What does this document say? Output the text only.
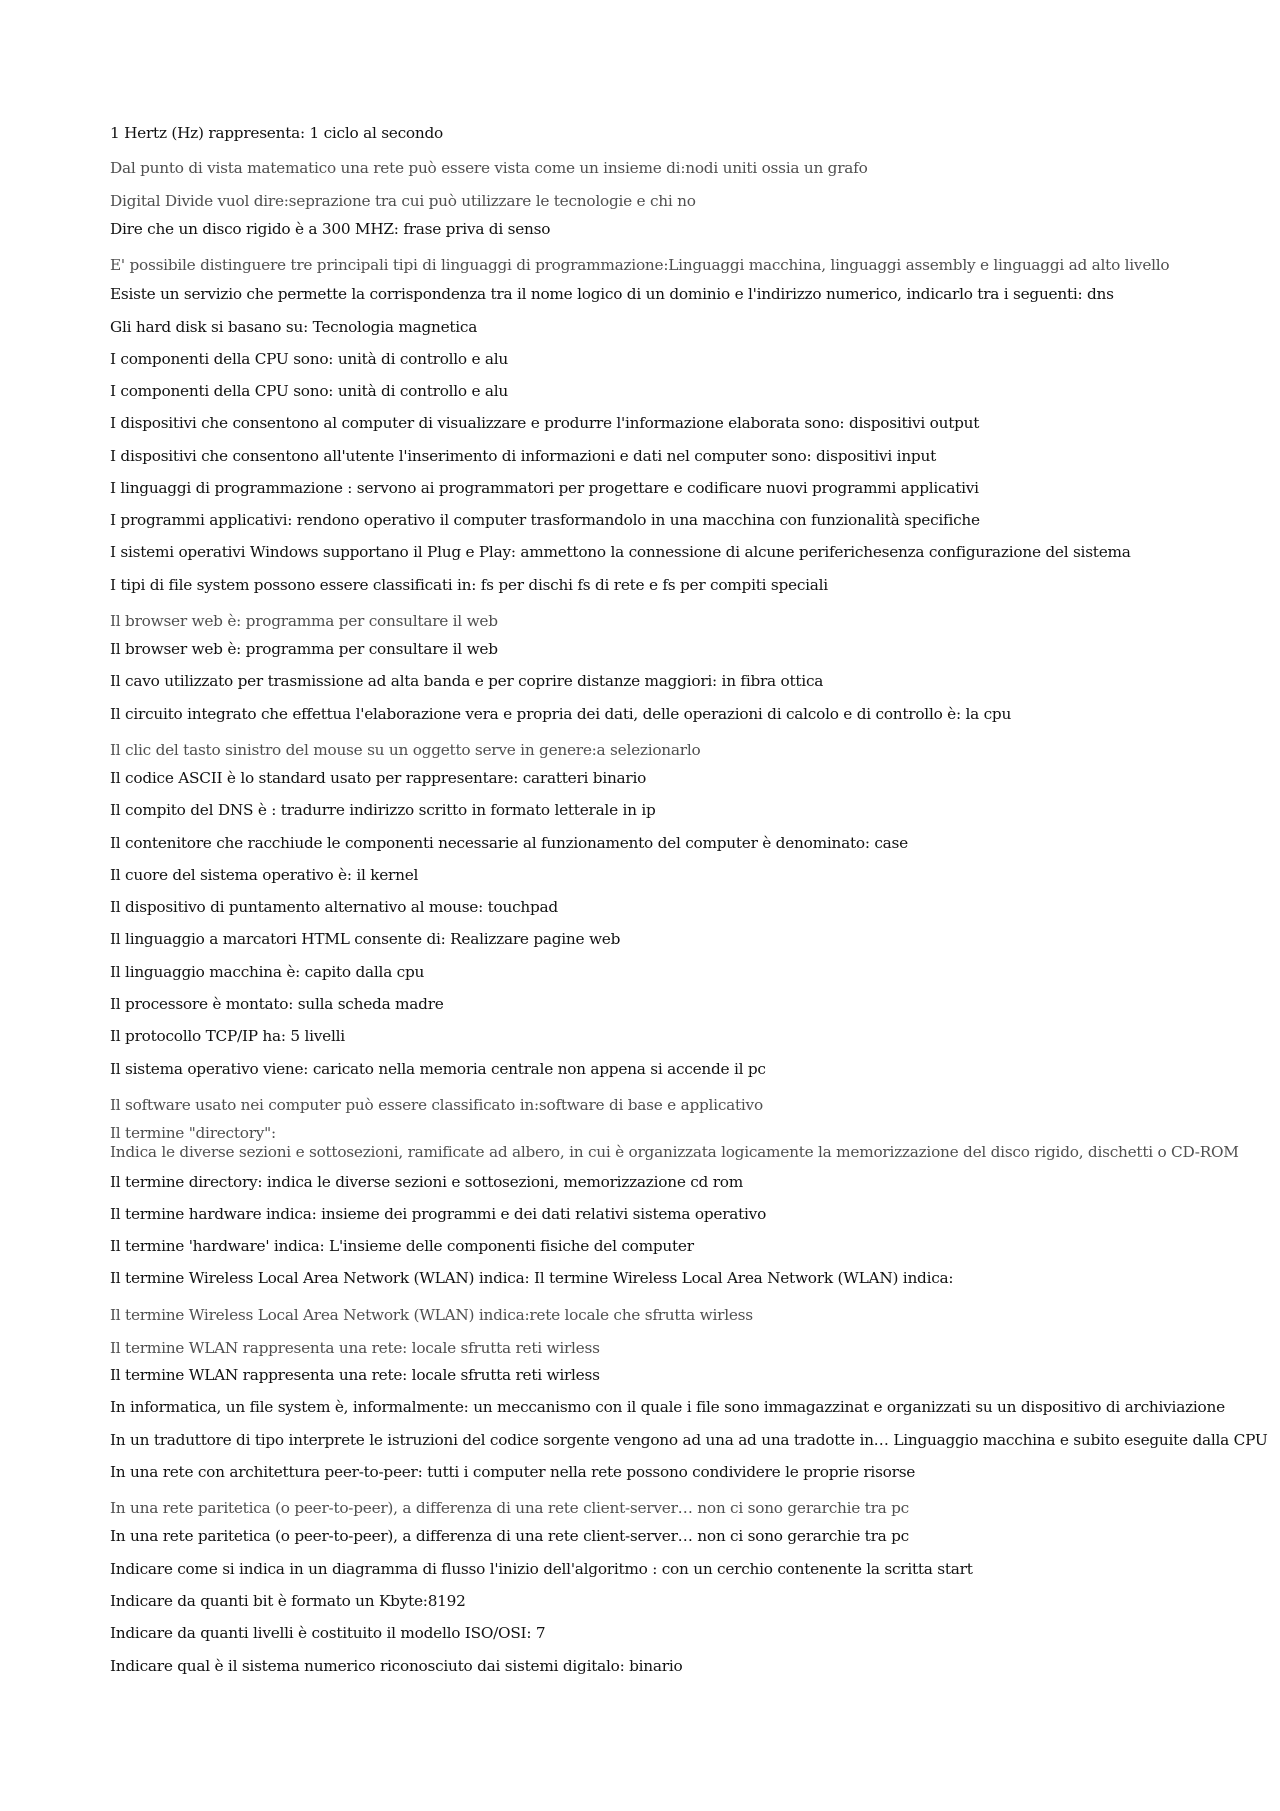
1 Hertz (Hz) rappresenta: 1 ciclo al secondo
Dal punto di vista matematico una rete può essere vista come un insieme di:nodi uniti ossia un grafo
Digital Divide vuol dire:seprazione tra cui può utilizzare le tecnologie e chi no
Dire che un disco rigido è a 300 MHZ: frase priva di senso
E' possibile distinguere tre principali tipi di linguaggi di programmazione:Linguaggi macchina, linguaggi assembly e linguaggi ad alto livello
Esiste un servizio che permette la corrispondenza tra il nome logico di un dominio e l'indirizzo numerico, indicarlo tra i seguenti: dns
Gli hard disk si basano su: Tecnologia magnetica
I componenti della CPU sono: unità di controllo e alu
I componenti della CPU sono: unità di controllo e alu
I dispositivi che consentono al computer di visualizzare e produrre l'informazione elaborata sono: dispositivi output
I dispositivi che consentono all'utente l'inserimento di informazioni e dati nel computer sono: dispositivi input
I linguaggi di programmazione : servono ai programmatori per progettare e codificare nuovi programmi applicativi
I programmi applicativi: rendono operativo il computer trasformandolo in una macchina con funzionalità specifiche
I sistemi operativi Windows supportano il Plug e Play: ammettono la connessione di alcune periferichesenza configurazione del sistema
I tipi di file system possono essere classificati in: fs per dischi fs di rete e fs per compiti speciali
Il browser web è: programma per consultare il web
Il browser web è: programma per consultare il web
Il cavo utilizzato per trasmissione ad alta banda e per coprire distanze maggiori: in fibra ottica
Il circuito integrato che effettua l'elaborazione vera e propria dei dati, delle operazioni di calcolo e di controllo è: la cpu
Il clic del tasto sinistro del mouse su un oggetto serve in genere:a selezionarlo
Il codice ASCII è lo standard usato per rappresentare: caratteri binario
Il compito del DNS è : tradurre indirizzo scritto in formato letterale in ip
Il contenitore che racchiude le componenti necessarie al funzionamento del computer è denominato: case
Il cuore del sistema operativo è: il kernel
Il dispositivo di puntamento alternativo al mouse: touchpad
Il linguaggio a marcatori HTML consente di: Realizzare pagine web
Il linguaggio macchina è: capito dalla cpu
Il processore è montato: sulla scheda madre
Il protocollo TCP/IP ha: 5 livelli
Il sistema operativo viene: caricato nella memoria centrale non appena si accende il pc
Il software usato nei computer può essere classificato in:software di base e applicativo
Il termine "directory":
Indica le diverse sezioni e sottosezioni, ramificate ad albero, in cui è organizzata logicamente la memorizzazione del disco rigido, dischetti o CD-ROM
Il termine directory: indica le diverse sezioni e sottosezioni, memorizzazione cd rom
Il termine hardware indica: insieme dei programmi e dei dati relativi sistema operativo
Il termine 'hardware' indica: L'insieme delle componenti fisiche del computer
Il termine Wireless Local Area Network (WLAN) indica: Il termine Wireless Local Area Network (WLAN) indica:
Il termine Wireless Local Area Network (WLAN) indica:rete locale che sfrutta wirless
Il termine WLAN rappresenta una rete: locale sfrutta reti wirless
Il termine WLAN rappresenta una rete: locale sfrutta reti wirless
In informatica, un file system è, informalmente: un meccanismo con il quale i file sono immagazzinat e organizzati su un dispositivo di archiviazione
In un traduttore di tipo interprete le istruzioni del codice sorgente vengono ad una ad una tradotte in… Linguaggio macchina e subito eseguite dalla CPU
In una rete con architettura peer-to-peer: tutti i computer nella rete possono condividere le proprie risorse
In una rete paritetica (o peer-to-peer), a differenza di una rete client-server… non ci sono gerarchie tra pc
In una rete paritetica (o peer-to-peer), a differenza di una rete client-server… non ci sono gerarchie tra pc
Indicare come si indica in un diagramma di flusso l'inizio dell'algoritmo : con un cerchio contenente la scritta start
Indicare da quanti bit è formato un Kbyte:8192
Indicare da quanti livelli è costituito il modello ISO/OSI: 7
Indicare qual è il sistema numerico riconosciuto dai sistemi digitalo: binario
